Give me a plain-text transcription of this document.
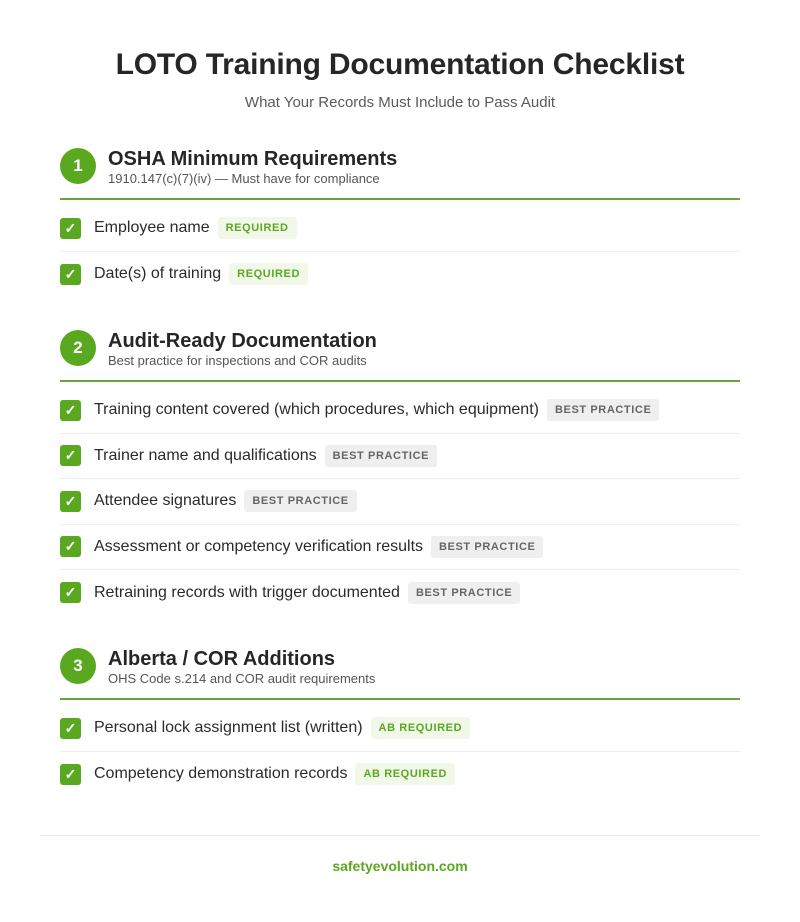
LOTO Training Documentation Checklist
What Your Records Must Include to Pass Audit
1	OSHA Minimum Requirements
1910.147(c)(7)(iv) — Must have for compliance
✓ Employee name	REQUIRED
✓ Date(s) of training	REQUIRED
2	Audit-Ready Documentation
Best practice for inspections and COR audits
✓ Training content covered (which procedures, which equipment)	BEST PRACTICE
✓ Trainer name and qualifications	BEST PRACTICE
✓ Attendee signatures	BEST PRACTICE
✓ Assessment or competency verification results	BEST PRACTICE
✓ Retraining records with trigger documented	BEST PRACTICE
3	Alberta / COR Additions
OHS Code s.214 and COR audit requirements
✓ Personal lock assignment list (written)	AB REQUIRED
✓ Competency demonstration records	AB REQUIRED
safetyevolution.com
